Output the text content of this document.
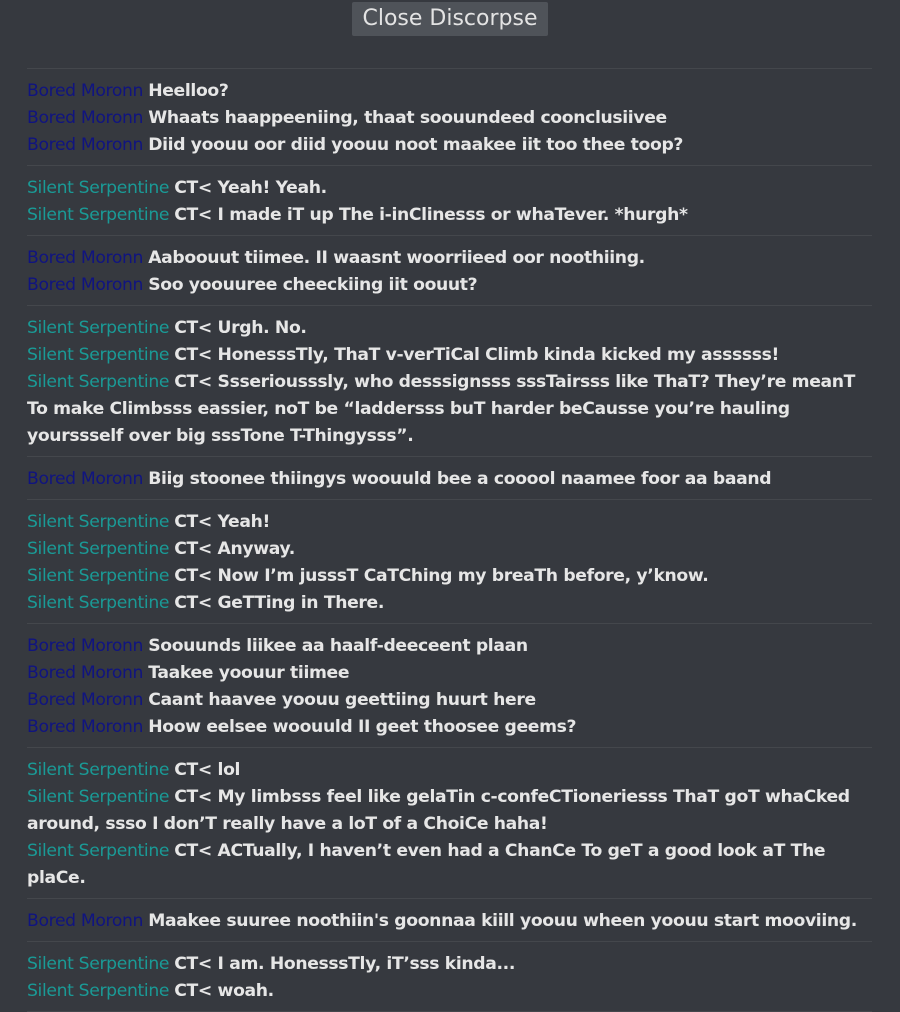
Close Discorpse
Bored Moronn Heelloo?
Bored Moronn Whaats haappeeniing, thaat soouundeed coonclusiivee
Bored Moronn Diid yoouu oor diid yoouu noot maakee iit too thee toop?
Silent Serpentine CT< Yeah! Yeah.
Silent Serpentine CT< I made iT up The i-inClinesss or whaTever. *hurgh*
Bored Moronn Aaboouut tiimee. II waasnt woorriieed oor noothiing.
Bored Moronn Soo yoouuree cheeckiing iit oouut?
Silent Serpentine CT< Urgh. No.
Silent Serpentine CT< HonesssTly, ThaT v-verTiCal Climb kinda kicked my assssss!
Silent Serpentine CT< Ssseriousssly, who desssignsss sssTairsss like ThaT? They’re meanT To make Climbsss eassier, noT be “laddersss buT harder beCausse you’re hauling yourssself over big sssTone T-Thingysss”.
Bored Moronn Biig stoonee thiingys woouuld bee a cooool naamee foor aa baand
Silent Serpentine CT< Yeah!
Silent Serpentine CT< Anyway.
Silent Serpentine CT< Now I’m jusssT CaTChing my breaTh before, y’know.
Silent Serpentine CT< GeTTing in There.
Bored Moronn Soouunds liikee aa haalf-deeceent plaan
Bored Moronn Taakee yoouur tiimee
Bored Moronn Caant haavee yoouu geettiing huurt here
Bored Moronn Hoow eelsee woouuld II geet thoosee geems?
Silent Serpentine CT< lol
Silent Serpentine CT< My limbsss feel like gelaTin c-confeCTioneriesss ThaT goT whaCked around, ssso I don’T really have a loT of a ChoiCe haha!
Silent Serpentine CT< ACTually, I haven’t even had a ChanCe To geT a good look aT The plaCe.
Bored Moronn Maakee suuree noothiin's goonnaa kiill yoouu wheen yoouu start mooviing.
Silent Serpentine CT< I am. HonesssTly, iT’sss kinda...
Silent Serpentine CT< woah.
